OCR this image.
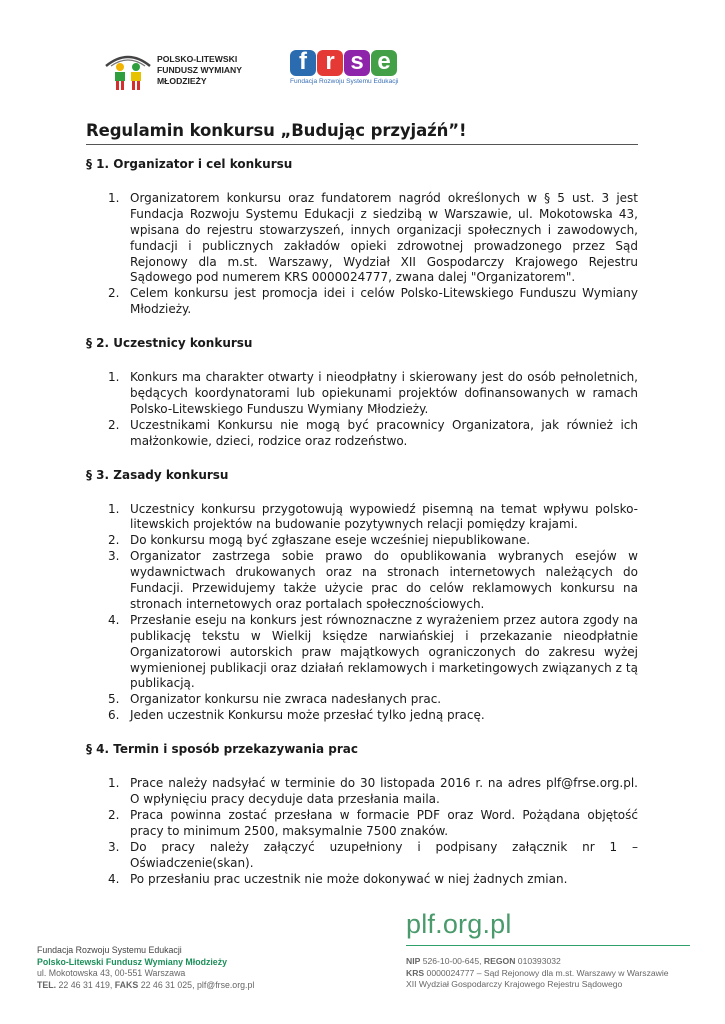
POLSKO-LITEWSKI
FUNDUSZ WYMIANY
MŁODZIEŻY
f r s e
Fundacja Rozwoju Systemu Edukacji
Regulamin konkursu „Budując przyjaźń”!
§ 1. Organizator i cel konkursu
1. Organizatorem konkursu oraz fundatorem nagród określonych w § 5 ust. 3 jest Fundacja Rozwoju Systemu Edukacji z siedzibą w Warszawie, ul. Mokotowska 43, wpisana do rejestru stowarzyszeń, innych organizacji społecznych i zawodowych, fundacji i publicznych zakładów opieki zdrowotnej prowadzonego przez Sąd Rejonowy dla m.st. Warszawy, Wydział XII Gospodarczy Krajowego Rejestru Sądowego pod numerem KRS 0000024777, zwana dalej "Organizatorem".
2. Celem konkursu jest promocja idei i celów Polsko-Litewskiego Funduszu Wymiany Młodzieży.
§ 2. Uczestnicy konkursu
1. Konkurs ma charakter otwarty i nieodpłatny i skierowany jest do osób pełnoletnich, będących koordynatorami lub opiekunami projektów dofinansowanych w ramach Polsko-Litewskiego Funduszu Wymiany Młodzieży.
2. Uczestnikami Konkursu nie mogą być pracownicy Organizatora, jak również ich małżonkowie, dzieci, rodzice oraz rodzeństwo.
§ 3. Zasady konkursu
1. Uczestnicy konkursu przygotowują wypowiedź pisemną na temat wpływu polsko-litewskich projektów na budowanie pozytywnych relacji pomiędzy krajami.
2. Do konkursu mogą być zgłaszane eseje wcześniej niepublikowane.
3. Organizator zastrzega sobie prawo do opublikowania wybranych esejów w wydawnictwach drukowanych oraz na stronach internetowych należących do Fundacji. Przewidujemy także użycie prac do celów reklamowych konkursu na stronach internetowych oraz portalach społecznościowych.
4. Przesłanie eseju na konkurs jest równoznaczne z wyrażeniem przez autora zgody na publikację tekstu w Wielkij księdze narwiańskiej i przekazanie nieodpłatnie Organizatorowi autorskich praw majątkowych ograniczonych do zakresu wyżej wymienionej publikacji oraz działań reklamowych i marketingowych związanych z tą publikacją.
5. Organizator konkursu nie zwraca nadesłanych prac.
6. Jeden uczestnik Konkursu może przesłać tylko jedną pracę.
§ 4. Termin i sposób przekazywania prac
1. Prace należy nadsyłać w terminie do 30 listopada 2016 r. na adres plf@frse.org.pl. O wpłynięciu pracy decyduje data przesłania maila.
2. Praca powinna zostać przesłana w formacie PDF oraz Word. Pożądana objętość pracy to minimum 2500, maksymalnie 7500 znaków.
3. Do pracy należy załączyć uzupełniony i podpisany załącznik nr 1 – Oświadczenie(skan).
4. Po przesłaniu prac uczestnik nie może dokonywać w niej żadnych zmian.
Fundacja Rozwoju Systemu Edukacji
Polsko-Litewski Fundusz Wymiany Młodzieży
ul. Mokotowska 43, 00-551 Warszawa
TEL. 22 46 31 419, FAKS 22 46 31 025, plf@frse.org.pl
plf.org.pl
NIP 526-10-00-645, REGON 010393032
KRS 0000024777 – Sąd Rejonowy dla m.st. Warszawy w Warszawie
XII Wydział Gospodarczy Krajowego Rejestru Sądowego
